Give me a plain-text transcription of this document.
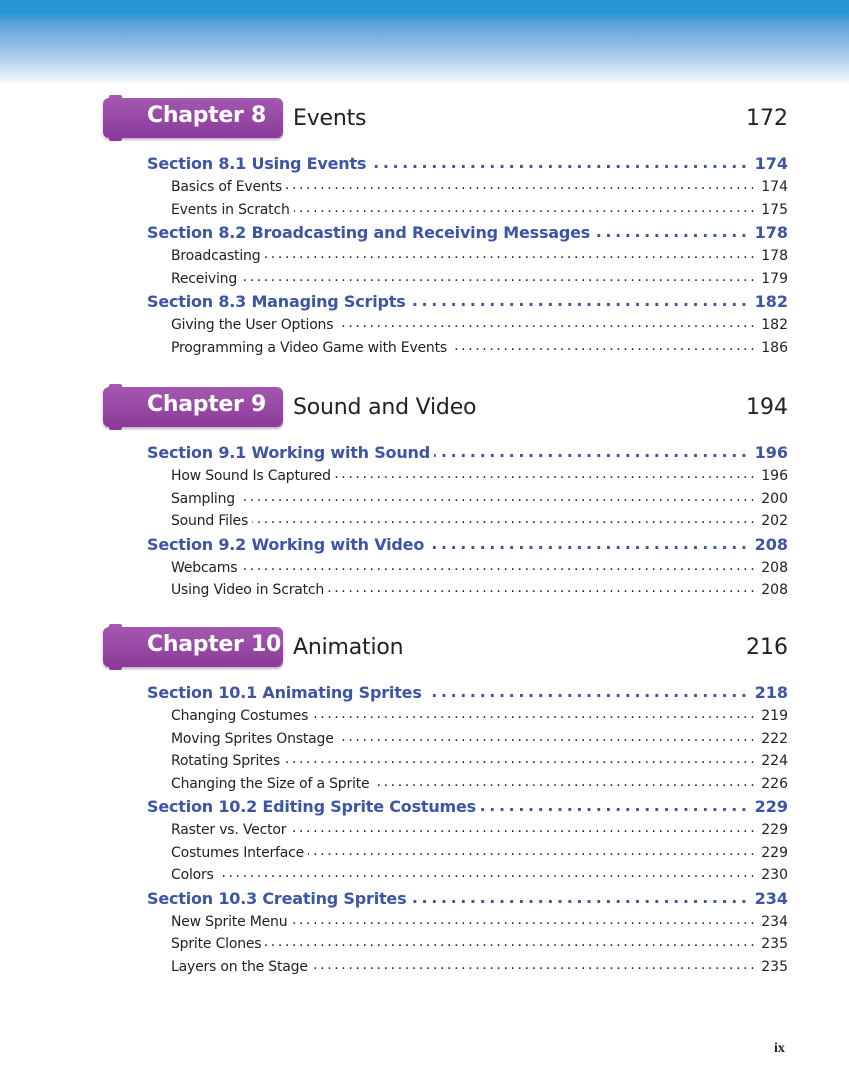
Chapter 8 Events	172
Section 8.1 Using Events .....	174
Basics of Events .....	174
Events in Scratch .....	175
Section 8.2 Broadcasting and Receiving Messages .....	178
Broadcasting .....	178
Receiving .....	179
Section 8.3 Managing Scripts .....	182
Giving the User Options .....	182
Programming a Video Game with Events .....	186
Chapter 9 Sound and Video	194
Section 9.1 Working with Sound .....	196
How Sound Is Captured .....	196
Sampling .....	200
Sound Files .....	202
Section 9.2 Working with Video .....	208
Webcams .....	208
Using Video in Scratch .....	208
Chapter 10 Animation	216
Section 10.1 Animating Sprites .....	218
Changing Costumes .....	219
Moving Sprites Onstage .....	222
Rotating Sprites .....	224
Changing the Size of a Sprite .....	226
Section 10.2 Editing Sprite Costumes .....	229
Raster vs. Vector .....	229
Costumes Interface .....	229
Colors .....	230
Section 10.3 Creating Sprites .....	234
New Sprite Menu .....	234
Sprite Clones .....	235
Layers on the Stage .....	235
ix
